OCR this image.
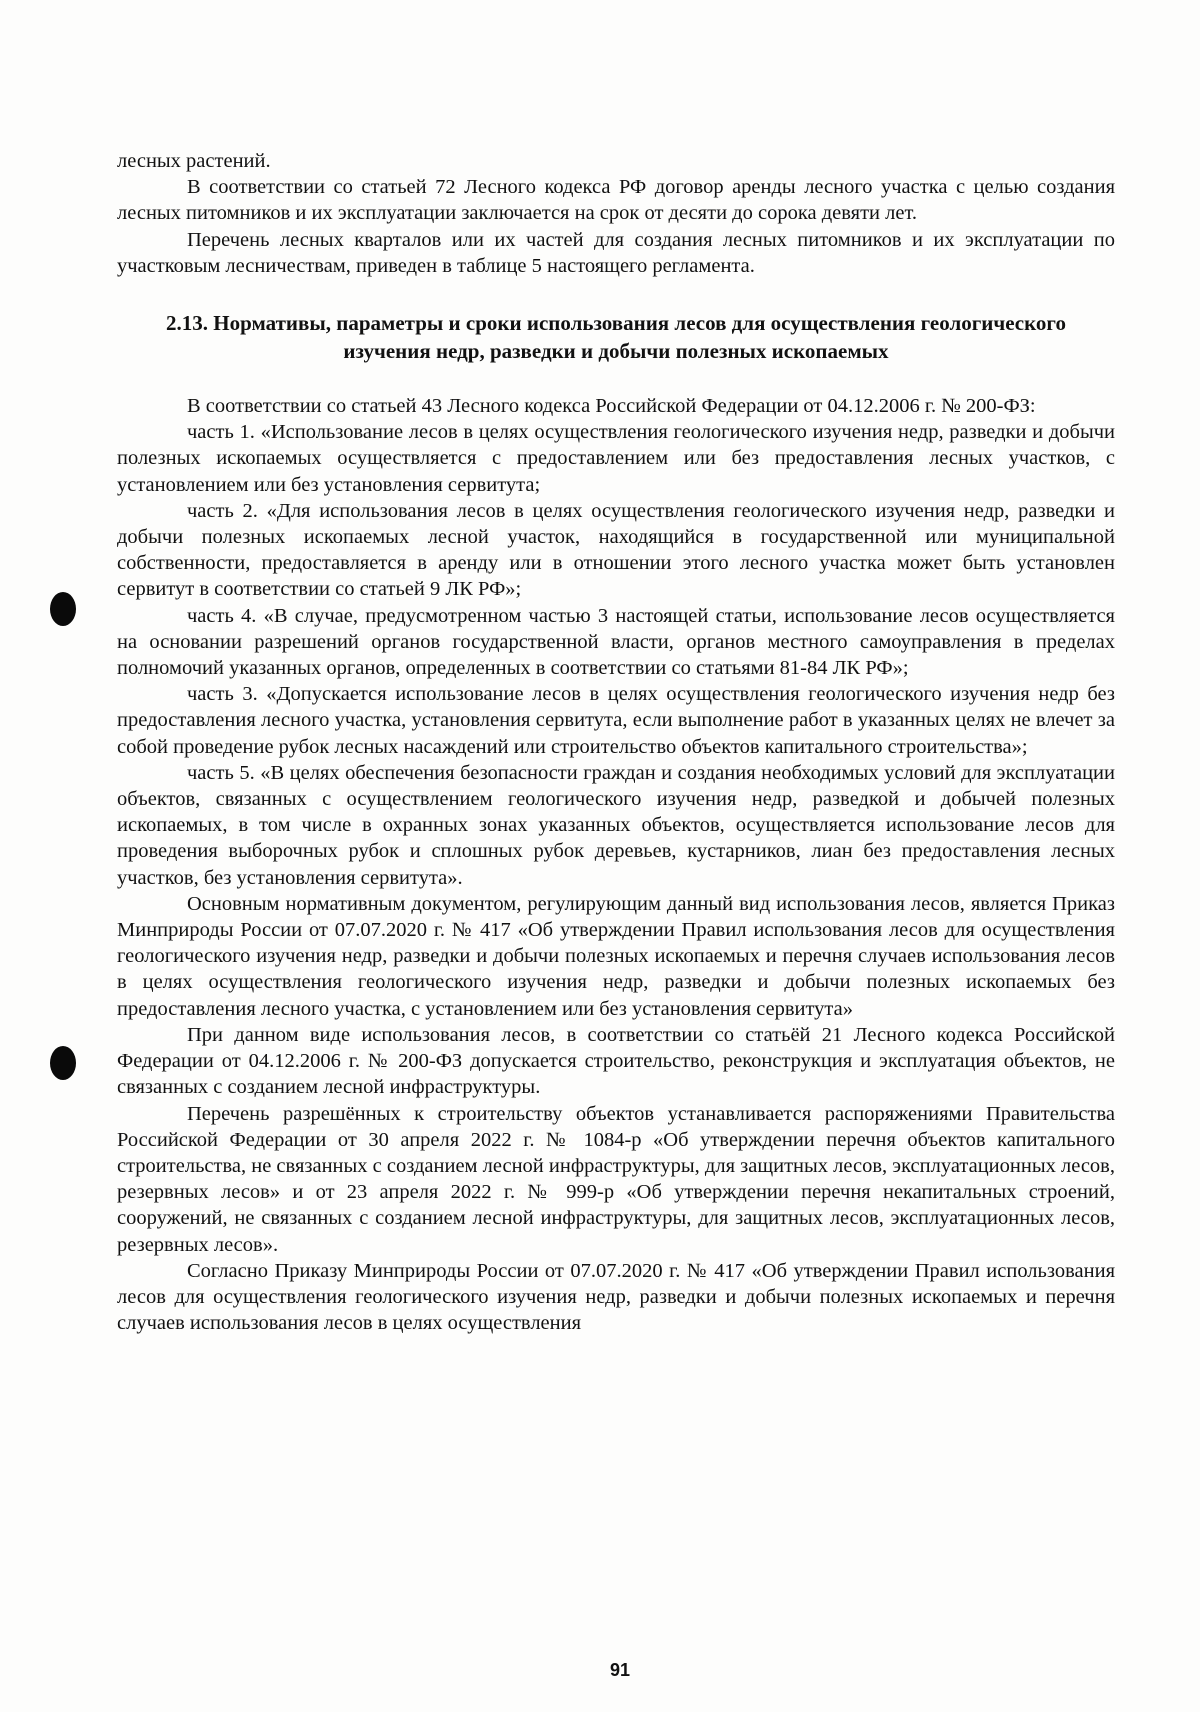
лесных растений.

В соответствии со статьей 72 Лесного кодекса РФ договор аренды лесного участка с целью создания лесных питомников и их эксплуатации заключается на срок от десяти до сорока девяти лет.

Перечень лесных кварталов или их частей для создания лесных питомников и их эксплуатации по участковым лесничествам, приведен в таблице 5 настоящего регламента.

2.13. Нормативы, параметры и сроки использования лесов для осуществления геологического изучения недр, разведки и добычи полезных ископаемых

В соответствии со статьей 43 Лесного кодекса Российской Федерации от 04.12.2006 г. № 200-ФЗ:

часть 1. «Использование лесов в целях осуществления геологического изучения недр, разведки и добычи полезных ископаемых осуществляется с предоставлением или без предоставления лесных участков, с установлением или без установления сервитута;

часть 2. «Для использования лесов в целях осуществления геологического изучения недр, разведки и добычи полезных ископаемых лесной участок, находящийся в государственной или муниципальной собственности, предоставляется в аренду или в отношении этого лесного участка может быть установлен сервитут в соответствии со статьей 9 ЛК РФ»;

часть 4. «В случае, предусмотренном частью 3 настоящей статьи, использование лесов осуществляется на основании разрешений органов государственной власти, органов местного самоуправления в пределах полномочий указанных органов, определенных в соответствии со статьями 81-84 ЛК РФ»;

часть 3. «Допускается использование лесов в целях осуществления геологического изучения недр без предоставления лесного участка, установления сервитута, если выполнение работ в указанных целях не влечет за собой проведение рубок лесных насаждений или строительство объектов капитального строительства»;

часть 5. «В целях обеспечения безопасности граждан и создания необходимых условий для эксплуатации объектов, связанных с осуществлением геологического изучения недр, разведкой и добычей полезных ископаемых, в том числе в охранных зонах указанных объектов, осуществляется использование лесов для проведения выборочных рубок и сплошных рубок деревьев, кустарников, лиан без предоставления лесных участков, без установления сервитута».

Основным нормативным документом, регулирующим данный вид использования лесов, является Приказ Минприроды России от 07.07.2020 г. № 417 «Об утверждении Правил использования лесов для осуществления геологического изучения недр, разведки и добычи полезных ископаемых и перечня случаев использования лесов в целях осуществления геологического изучения недр, разведки и добычи полезных ископаемых без предоставления лесного участка, с установлением или без установления сервитута»

При данном виде использования лесов, в соответствии со статьёй 21 Лесного кодекса Российской Федерации от 04.12.2006 г. № 200-ФЗ допускается строительство, реконструкция и эксплуатация объектов, не связанных с созданием лесной инфраструктуры.

Перечень разрешённых к строительству объектов устанавливается распоряжениями Правительства Российской Федерации от 30 апреля 2022 г. № 1084-р «Об утверждении перечня объектов капитального строительства, не связанных с созданием лесной инфраструктуры, для защитных лесов, эксплуатационных лесов, резервных лесов» и от 23 апреля 2022 г. № 999-р «Об утверждении перечня некапитальных строений, сооружений, не связанных с созданием лесной инфраструктуры, для защитных лесов, эксплуатационных лесов, резервных лесов».

Согласно Приказу Минприроды России от 07.07.2020 г. № 417 «Об утверждении Правил использования лесов для осуществления геологического изучения недр, разведки и добычи полезных ископаемых и перечня случаев использования лесов в целях осуществления

91
